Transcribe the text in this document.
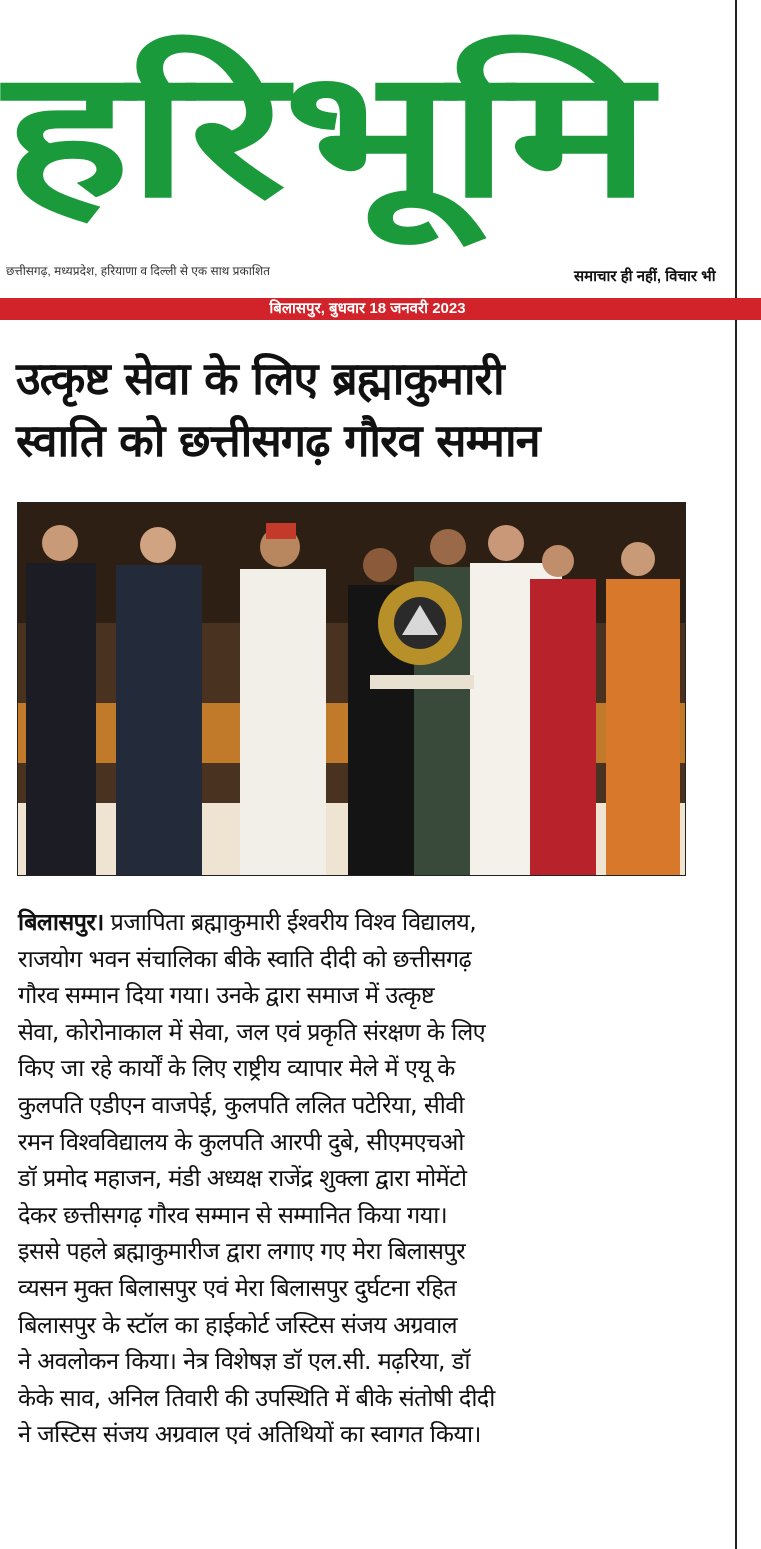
हरिभूमि
छत्तीसगढ़, मध्यप्रदेश, हरियाणा व दिल्ली से एक साथ प्रकाशित	समाचार ही नहीं, विचार भी
बिलासपुर, बुधवार 18 जनवरी 2023
उत्कृष्ट सेवा के लिए ब्रह्माकुमारी
स्वाति को छत्तीसगढ़ गौरव सम्मान

बिलासपुर। प्रजापिता ब्रह्माकुमारी ईश्वरीय विश्व विद्यालय,

राजयोग भवन संचालिका बीके स्वाति दीदी को छत्तीसगढ़

गौरव सम्मान दिया गया। उनके द्वारा समाज में उत्कृष्ट

सेवा, कोरोनाकाल में सेवा, जल एवं प्रकृति संरक्षण के लिए

किए जा रहे कार्यों के लिए राष्ट्रीय व्यापार मेले में एयू के

कुलपति एडीएन वाजपेई, कुलपति ललित पटेरिया, सीवी

रमन विश्वविद्यालय के कुलपति आरपी दुबे, सीएमएचओ

डॉ प्रमोद महाजन, मंडी अध्यक्ष राजेंद्र शुक्ला द्वारा मोमेंटो

देकर छत्तीसगढ़ गौरव सम्मान से सम्मानित किया गया।

इससे पहले ब्रह्माकुमारीज द्वारा लगाए गए मेरा बिलासपुर

व्यसन मुक्त बिलासपुर एवं मेरा बिलासपुर दुर्घटना रहित

बिलासपुर के स्टॉल का हाईकोर्ट जस्टिस संजय अग्रवाल

ने अवलोकन किया। नेत्र विशेषज्ञ डॉ एल.सी. मढ़रिया, डॉ

केके साव, अनिल तिवारी की उपस्थिति में बीके संतोषी दीदी

ने जस्टिस संजय अग्रवाल एवं अतिथियों का स्वागत किया।
